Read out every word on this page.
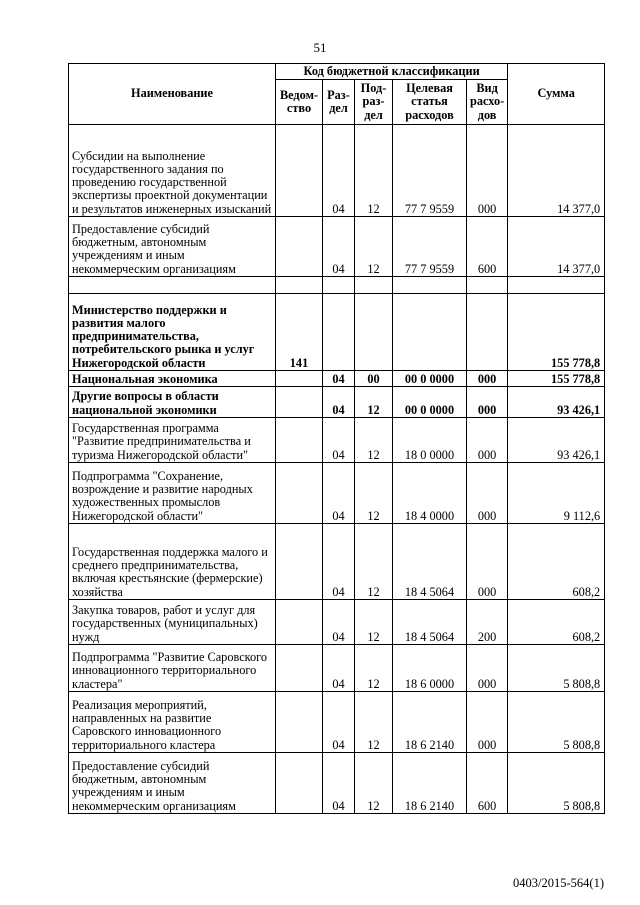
51
Наименование	Код бюджетной классификации					Сумма
	Ведом-ство	Раз-дел	Под-раз-дел	Целевая статья расходов	Вид расхо-дов	
Субсидии на выполнение государственного задания по проведению государственной экспертизы проектной документации и результатов инженерных изысканий		04	12	77 7 9559	000	14 377,0
Предоставление субсидий бюджетным, автономным учреждениям и иным некоммерческим организациям		04	12	77 7 9559	600	14 377,0

Министерство поддержки и развития малого предпринимательства, потребительского рынка и услуг Нижегородской области	141					155 778,8
Национальная экономика		04	00	00 0 0000	000	155 778,8
Другие вопросы в области национальной экономики		04	12	00 0 0000	000	93 426,1
Государственная программа "Развитие предпринимательства и туризма Нижегородской области"		04	12	18 0 0000	000	93 426,1
Подпрограмма "Сохранение, возрождение и развитие народных художественных промыслов Нижегородской области"		04	12	18 4 0000	000	9 112,6
Государственная поддержка малого и среднего предпринимательства, включая крестьянские (фермерские) хозяйства		04	12	18 4 5064	000	608,2
Закупка товаров, работ и услуг для государственных (муниципальных) нужд		04	12	18 4 5064	200	608,2
Подпрограмма "Развитие Саровского инновационного территориального кластера"		04	12	18 6 0000	000	5 808,8
Реализация мероприятий, направленных на развитие Саровского инновационного территориального кластера		04	12	18 6 2140	000	5 808,8
Предоставление субсидий бюджетным, автономным учреждениям и иным некоммерческим организациям		04	12	18 6 2140	600	5 808,8
0403/2015-564(1)
